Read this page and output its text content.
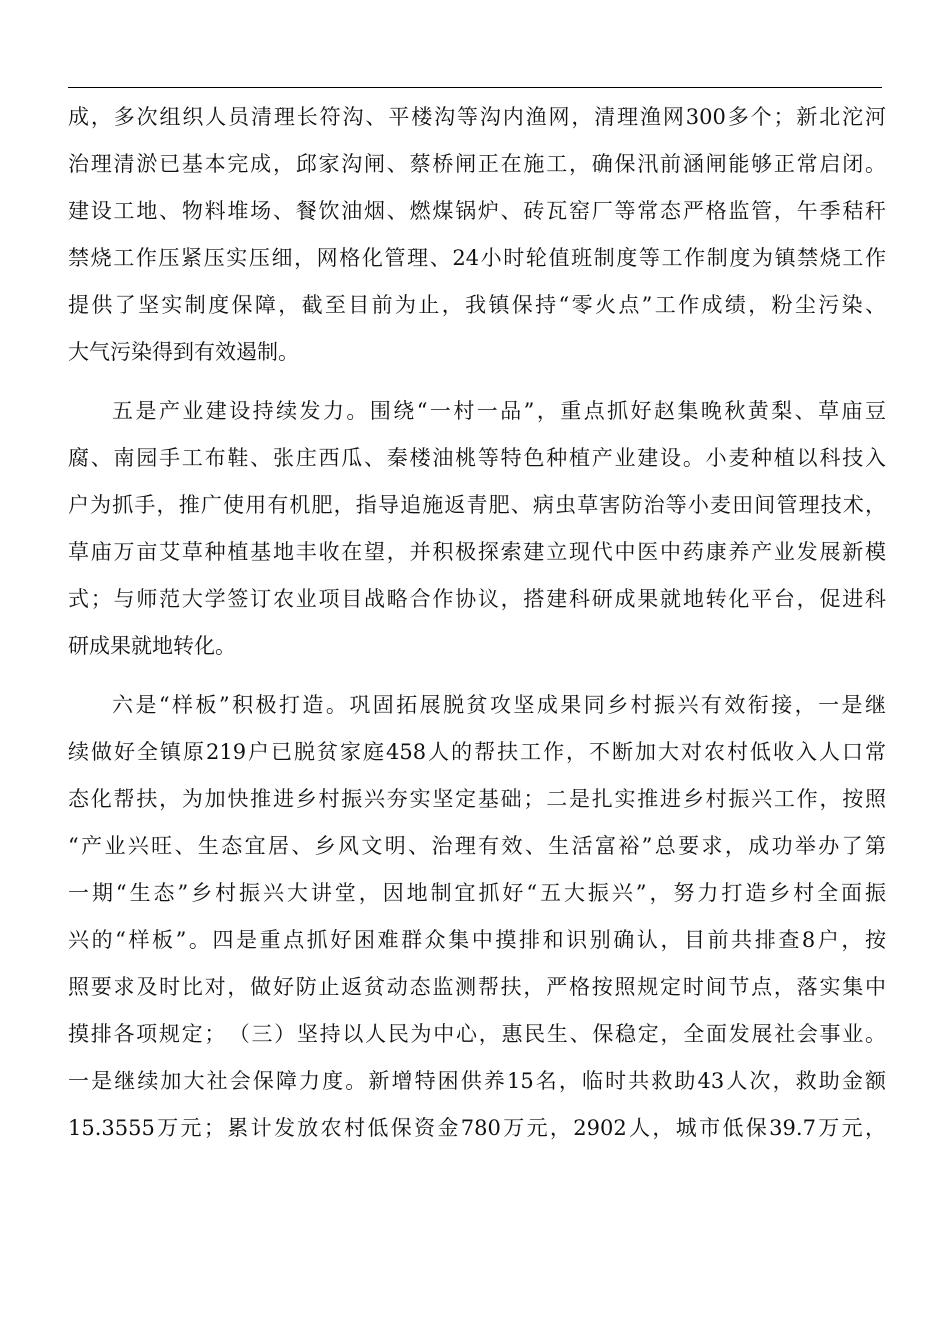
成，多次组织人员清理长符沟、平楼沟等沟内渔网，清理渔网300多个；新北沱河
治理清淤已基本完成，邱家沟闸、蔡桥闸正在施工，确保汛前涵闸能够正常启闭。
建设工地、物料堆场、餐饮油烟、燃煤锅炉、砖瓦窑厂等常态严格监管，午季秸秆
禁烧工作压紧压实压细，网格化管理、24小时轮值班制度等工作制度为镇禁烧工作
提供了坚实制度保障，截至目前为止，我镇保持“零火点”工作成绩，粉尘污染、
大气污染得到有效遏制。
五是产业建设持续发力。围绕“一村一品”，重点抓好赵集晚秋黄梨、草庙豆
腐、南园手工布鞋、张庄西瓜、秦楼油桃等特色种植产业建设。小麦种植以科技入
户为抓手，推广使用有机肥，指导追施返青肥、病虫草害防治等小麦田间管理技术，
草庙万亩艾草种植基地丰收在望，并积极探索建立现代中医中药康养产业发展新模
式；与师范大学签订农业项目战略合作协议，搭建科研成果就地转化平台，促进科
研成果就地转化。
六是“样板”积极打造。巩固拓展脱贫攻坚成果同乡村振兴有效衔接，一是继
续做好全镇原219户已脱贫家庭458人的帮扶工作，不断加大对农村低收入人口常
态化帮扶，为加快推进乡村振兴夯实坚定基础；二是扎实推进乡村振兴工作，按照
“产业兴旺、生态宜居、乡风文明、治理有效、生活富裕”总要求，成功举办了第
一期“生态”乡村振兴大讲堂，因地制宜抓好“五大振兴”，努力打造乡村全面振
兴的“样板”。四是重点抓好困难群众集中摸排和识别确认，目前共排查8户，按
照要求及时比对，做好防止返贫动态监测帮扶，严格按照规定时间节点，落实集中
摸排各项规定；　（三）坚持以人民为中心，惠民生、保稳定，全面发展社会事业。
一是继续加大社会保障力度。新增特困供养15名，临时共救助43人次，救助金额
15.3555万元；累计发放农村低保资金780万元，2902人，城市低保39.7万元，
